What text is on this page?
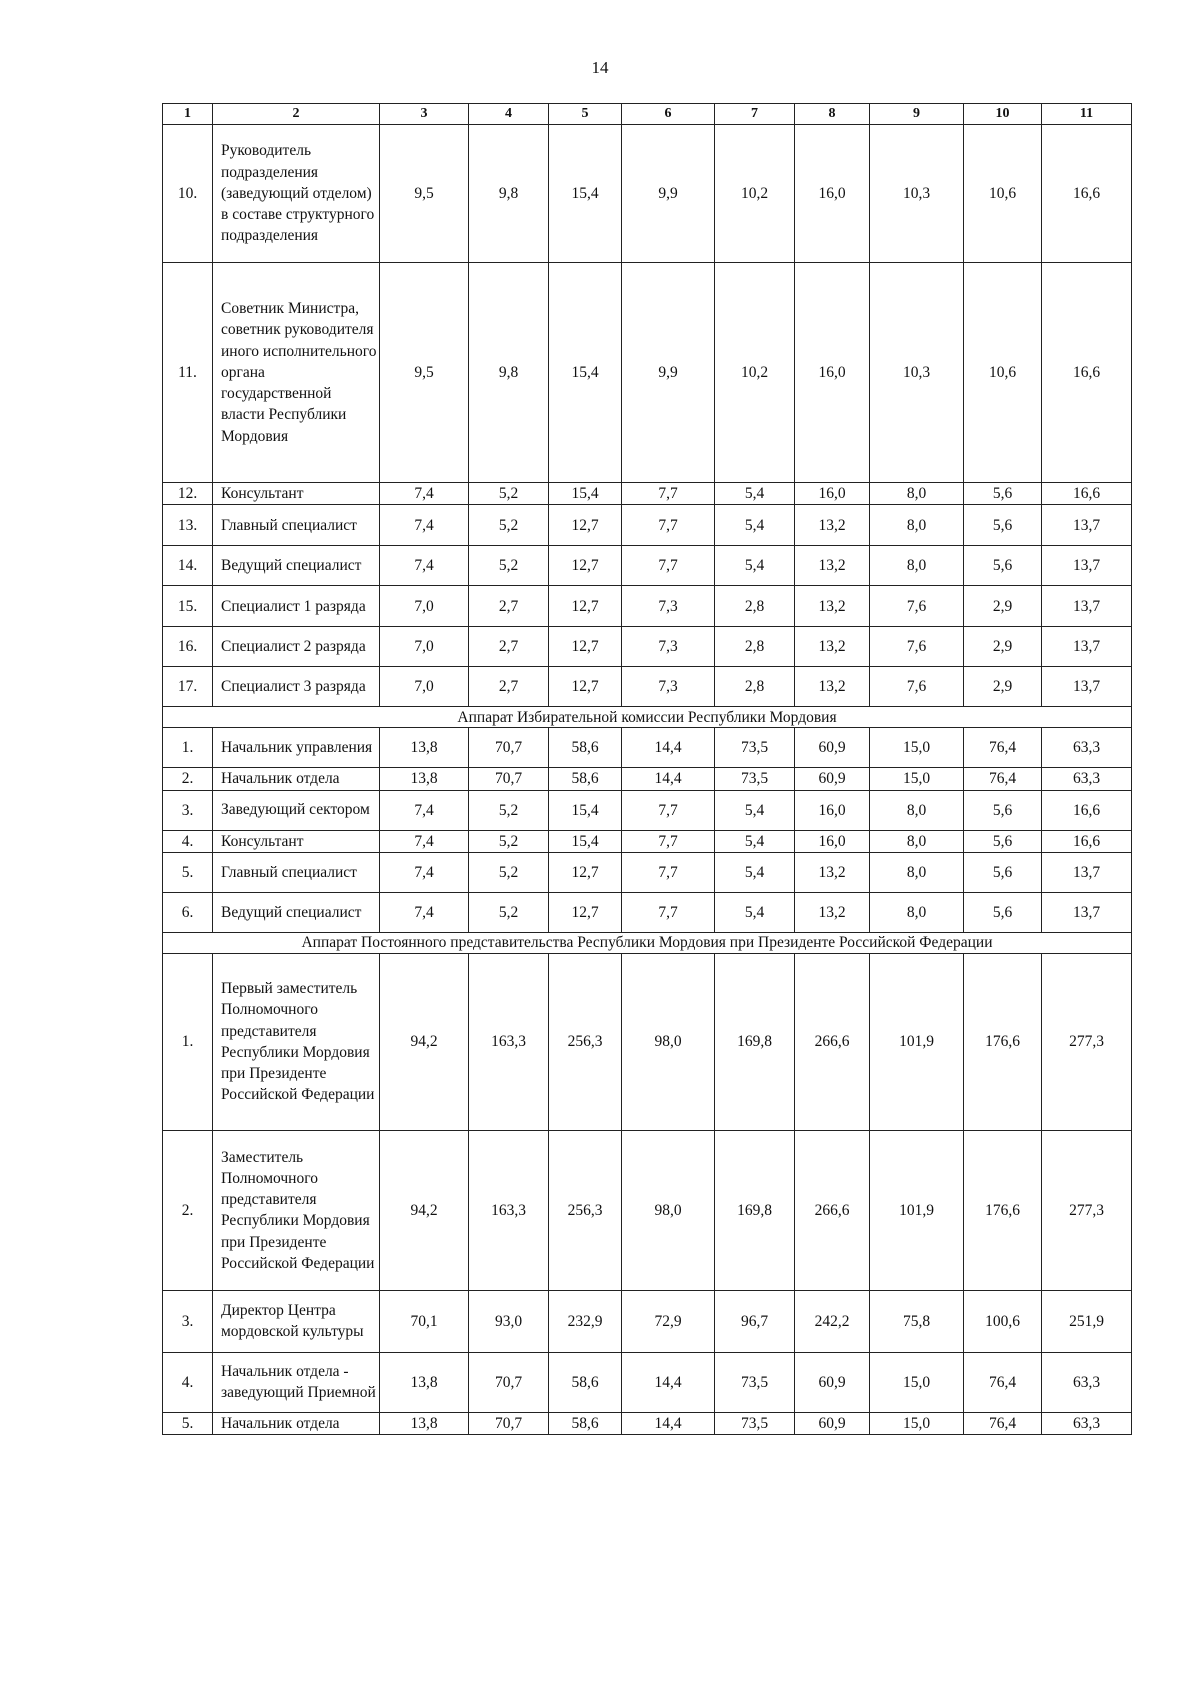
14
1	2	3	4	5	6	7	8	9	10	11
10.	Руководитель подразделения (заведующий отделом) в составе структурного подразделения	9,5	9,8	15,4	9,9	10,2	16,0	10,3	10,6	16,6
11.	Советник Министра, советник руководителя иного исполнительного органа государственной власти Республики Мордовия	9,5	9,8	15,4	9,9	10,2	16,0	10,3	10,6	16,6
12.	Консультант	7,4	5,2	15,4	7,7	5,4	16,0	8,0	5,6	16,6
13.	Главный специалист	7,4	5,2	12,7	7,7	5,4	13,2	8,0	5,6	13,7
14.	Ведущий специалист	7,4	5,2	12,7	7,7	5,4	13,2	8,0	5,6	13,7
15.	Специалист 1 разряда	7,0	2,7	12,7	7,3	2,8	13,2	7,6	2,9	13,7
16.	Специалист 2 разряда	7,0	2,7	12,7	7,3	2,8	13,2	7,6	2,9	13,7
17.	Специалист 3 разряда	7,0	2,7	12,7	7,3	2,8	13,2	7,6	2,9	13,7
Аппарат Избирательной комиссии Республики Мордовия										
1.	Начальник управления	13,8	70,7	58,6	14,4	73,5	60,9	15,0	76,4	63,3
2.	Начальник отдела	13,8	70,7	58,6	14,4	73,5	60,9	15,0	76,4	63,3
3.	Заведующий сектором	7,4	5,2	15,4	7,7	5,4	16,0	8,0	5,6	16,6
4.	Консультант	7,4	5,2	15,4	7,7	5,4	16,0	8,0	5,6	16,6
5.	Главный специалист	7,4	5,2	12,7	7,7	5,4	13,2	8,0	5,6	13,7
6.	Ведущий специалист	7,4	5,2	12,7	7,7	5,4	13,2	8,0	5,6	13,7
Аппарат Постоянного представительства Республики Мордовия при Президенте Российской Федерации										
1.	Первый заместитель Полномочного представителя Республики Мордовия при Президенте Российской Федерации	94,2	163,3	256,3	98,0	169,8	266,6	101,9	176,6	277,3
2.	Заместитель Полномочного представителя Республики Мордовия при Президенте Российской Федерации	94,2	163,3	256,3	98,0	169,8	266,6	101,9	176,6	277,3
3.	Директор Центра мордовской культуры	70,1	93,0	232,9	72,9	96,7	242,2	75,8	100,6	251,9
4.	Начальник отдела - заведующий Приемной	13,8	70,7	58,6	14,4	73,5	60,9	15,0	76,4	63,3
5.	Начальник отдела	13,8	70,7	58,6	14,4	73,5	60,9	15,0	76,4	63,3
